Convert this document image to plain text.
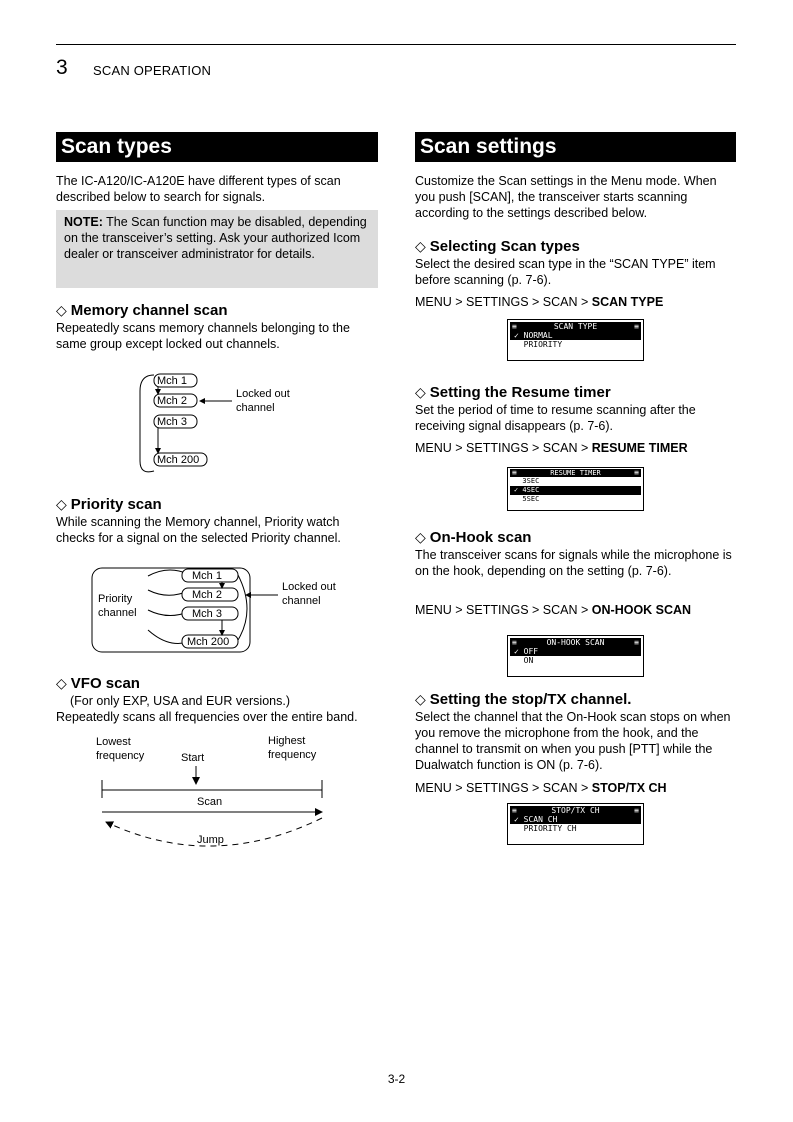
3 SCAN OPERATION
Scan types

The IC-A120/IC-A120E have different types of scan described below to search for signals.

NOTE: The Scan function may be disabled, depending on the transceiver’s setting. Ask your authorized Icom dealer or transceiver administrator for details.
◇ Memory channel scan

Repeatedly scans memory channels belonging to the same group except locked out channels.

Mch 1
Mch 2
Mch 3
Mch 200
Locked out
channel
◇ Priority scan

While scanning the Memory channel, Priority watch checks for a signal on the selected Priority channel.

Priority
channel
Mch 1
Mch 2
Mch 3
Mch 200
Locked out
channel
◇ VFO scan

(For only EXP, USA and EUR versions.)

Repeatedly scans all frequencies over the entire band.

Lowest
frequency	Start
Highest
frequency
Scan
Jump
Scan settings

Customize the Scan settings in the Menu mode. When you push [SCAN], the transceiver starts scanning according to the settings described below.

◇ Selecting Scan types

Select the desired scan type in the “SCAN TYPE” item before scanning (p. 7-6).

MENU > SETTINGS > SCAN > SCAN TYPE
≡	SCAN TYPE	≡
✓ NORMAL
PRIORITY
◇ Setting the Resume timer

Set the period of time to resume scanning after the receiving signal disappears (p. 7-6).

MENU > SETTINGS > SCAN > RESUME TIMER
≡	RESUME TIMER	≡
3SEC
✓ 4SEC
5SEC
◇ On-Hook scan

The transceiver scans for signals while the microphone is on the hook, depending on the setting (p. 7-6).

MENU > SETTINGS > SCAN > ON-HOOK SCAN
≡	ON-HOOK SCAN	≡
✓ OFF
ON
◇ Setting the stop/TX channel.

Select the channel that the On-Hook scan stops on when you remove the microphone from the hook, and the channel to transmit on when you push [PTT] while the Dualwatch function is ON (p. 7-6).

MENU > SETTINGS > SCAN > STOP/TX CH
≡	STOP/TX CH	≡
✓ SCAN CH
PRIORITY CH
3-2
